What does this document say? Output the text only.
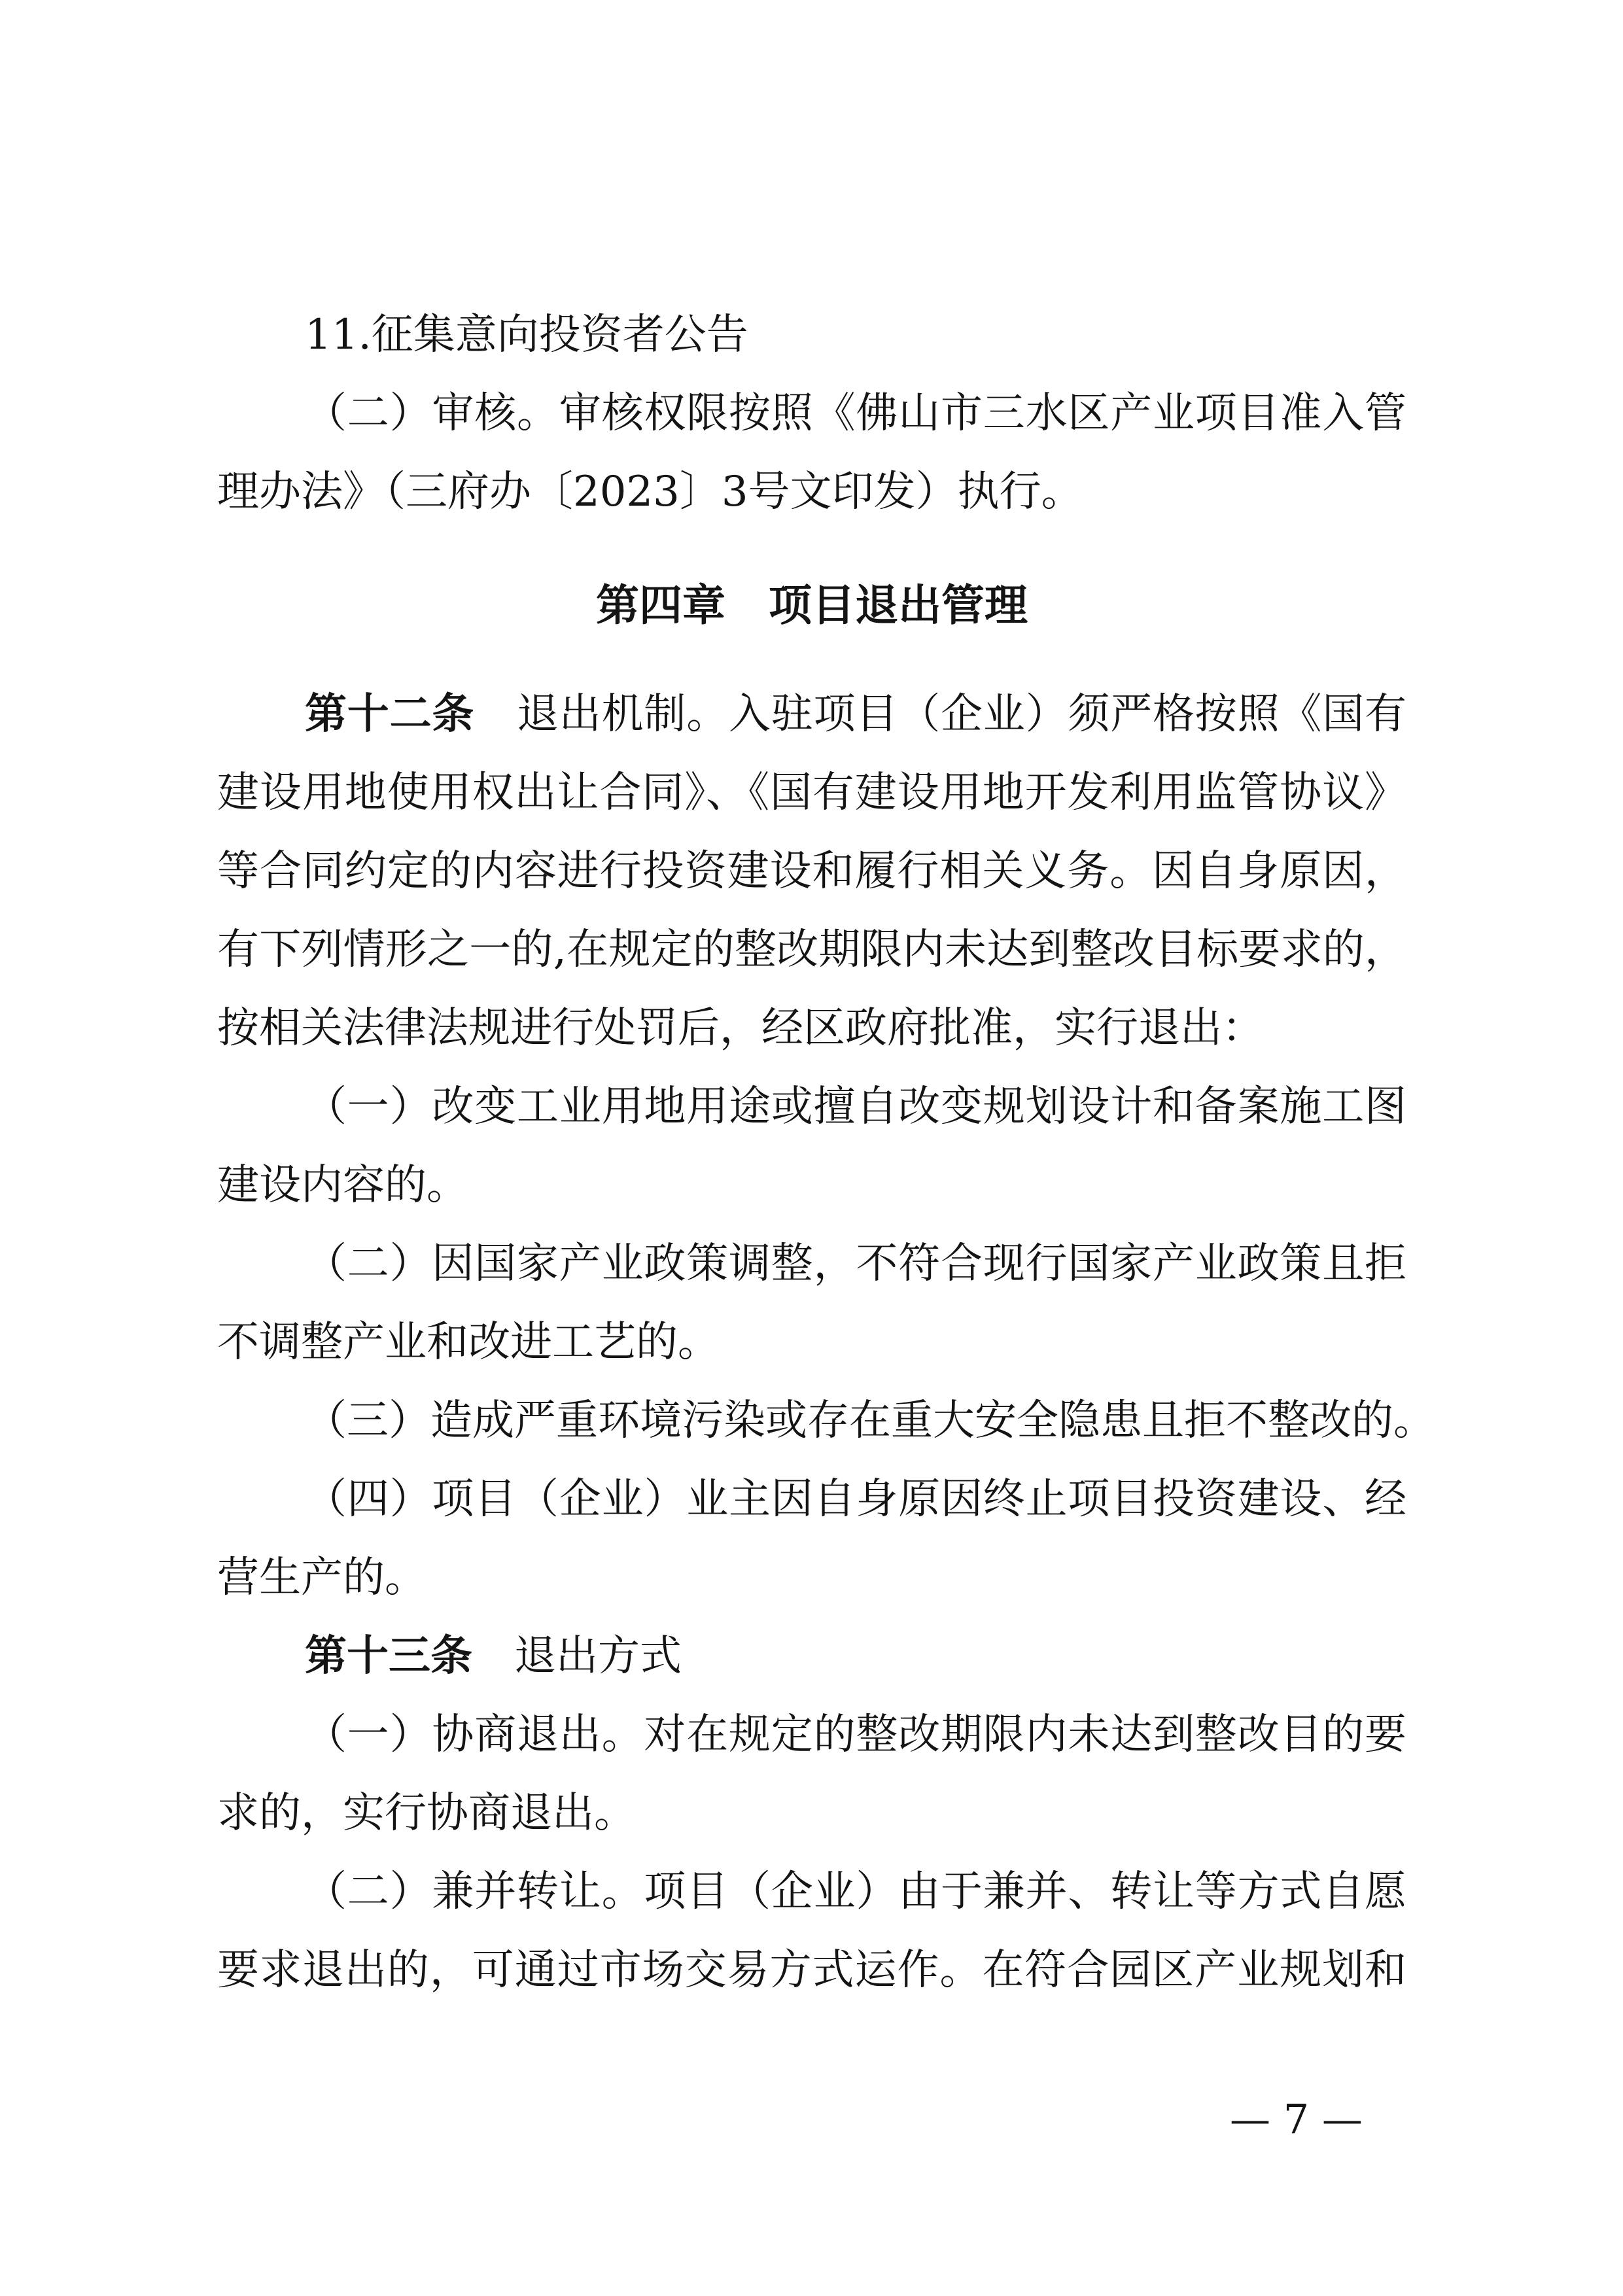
11.征集意向投资者公告

（二）审核。审核权限按照《佛山市三水区产业项目准入管

理办法》（三府办〔2023〕3号文印发）执行。

第四章　项目退出管理

第十二条　退出机制。入驻项目（企业）须严格按照《国有

建设用地使用权出让合同》、《国有建设用地开发利用监管协议》

等合同约定的内容进行投资建设和履行相关义务。因自身原因，

有下列情形之一的,在规定的整改期限内未达到整改目标要求的，

按相关法律法规进行处罚后，经区政府批准，实行退出：

（一）改变工业用地用途或擅自改变规划设计和备案施工图

建设内容的。

（二）因国家产业政策调整，不符合现行国家产业政策且拒

不调整产业和改进工艺的。

（三）造成严重环境污染或存在重大安全隐患且拒不整改的。

（四）项目（企业）业主因自身原因终止项目投资建设、经

营生产的。

第十三条　退出方式

（一）协商退出。对在规定的整改期限内未达到整改目的要

求的，实行协商退出。

（二）兼并转让。项目（企业）由于兼并、转让等方式自愿

要求退出的，可通过市场交易方式运作。在符合园区产业规划和

— 7 —
